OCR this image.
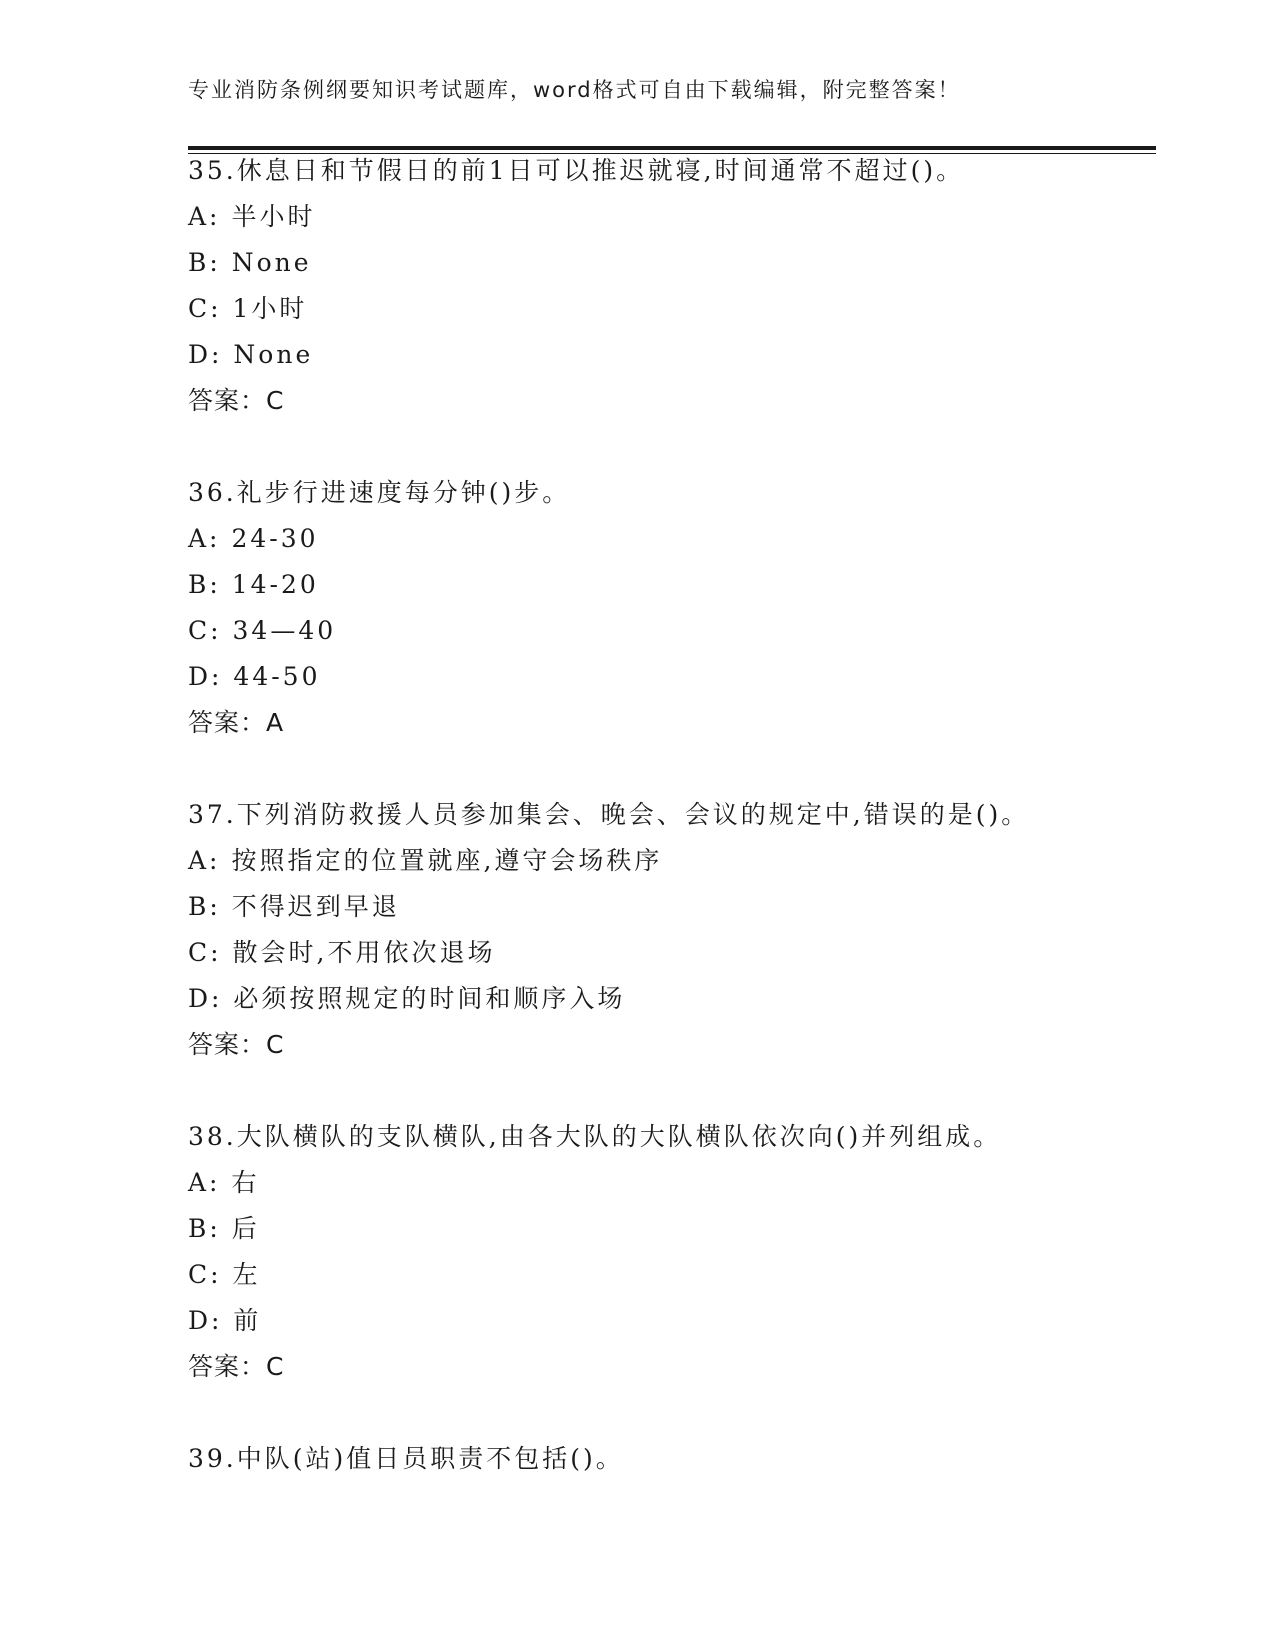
专业消防条例纲要知识考试题库，word格式可自由下载编辑，附完整答案！
35.休息日和节假日的前1日可以推迟就寝,时间通常不超过()。
A: 半小时
B: None
C: 1小时
D: None
答案：C
36.礼步行进速度每分钟()步。
A: 24-30
B: 14-20
C: 34—40
D: 44-50
答案：A
37.下列消防救援人员参加集会、晚会、会议的规定中,错误的是()。
A: 按照指定的位置就座,遵守会场秩序
B: 不得迟到早退
C: 散会时,不用依次退场
D: 必须按照规定的时间和顺序入场
答案：C
38.大队横队的支队横队,由各大队的大队横队依次向()并列组成。
A: 右
B: 后
C: 左
D: 前
答案：C
39.中队(站)值日员职责不包括()。
